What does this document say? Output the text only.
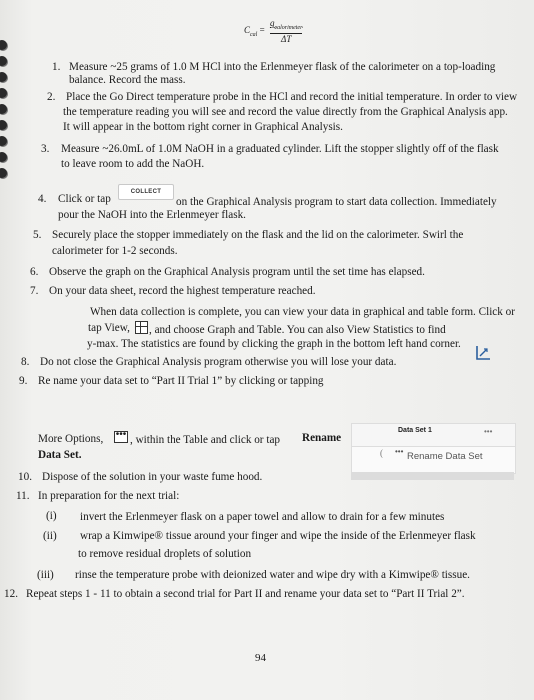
$C_{cal} = \frac{q_{calorimeter}}{\Delta T}$
1. Measure ~25 grams of 1.0 M HCl into the Erlenmeyer flask of the calorimeter on a top-loading
balance. Record the mass.
2. Place the Go Direct temperature probe in the HCl and record the initial temperature. In order to view
the temperature reading you will see and record the value directly from the Graphical Analysis app.
It will appear in the bottom right corner in Graphical Analysis.
3. Measure ~26.0mL of 1.0M NaOH in a graduated cylinder. Lift the stopper slightly off of the flask
to leave room to add the NaOH.
4. Click or tap
COLLECT
on the Graphical Analysis program to start data collection. Immediately
pour the NaOH into the Erlenmeyer flask.
5. Securely place the stopper immediately on the flask and the lid on the calorimeter. Swirl the
calorimeter for 1-2 seconds.
6. Observe the graph on the Graphical Analysis program until the set time has elapsed.
7. On your data sheet, record the highest temperature reached.
When data collection is complete, you can view your data in graphical and table form. Click or
tap View, , and choose Graph and Table. You can also View Statistics to find
y-max. The statistics are found by clicking the graph in the bottom left hand corner.
8. Do not close the Graphical Analysis program otherwise you will lose your data.
9. Re name your data set to “Part II Trial 1” by clicking or tapping
More Options, ••• , within the Table and click or tap Rename
Data Set.
Data Set 1	•••
( ••• Rename Data Set
10. Dispose of the solution in your waste fume hood.
11. In preparation for the next trial:
(i) invert the Erlenmeyer flask on a paper towel and allow to drain for a few minutes
(ii) wrap a Kimwipe® tissue around your finger and wipe the inside of the Erlenmeyer flask
to remove residual droplets of solution
(iii) rinse the temperature probe with deionized water and wipe dry with a Kimwipe® tissue.
12. Repeat steps 1 - 11 to obtain a second trial for Part II and rename your data set to “Part II Trial 2”.
94
